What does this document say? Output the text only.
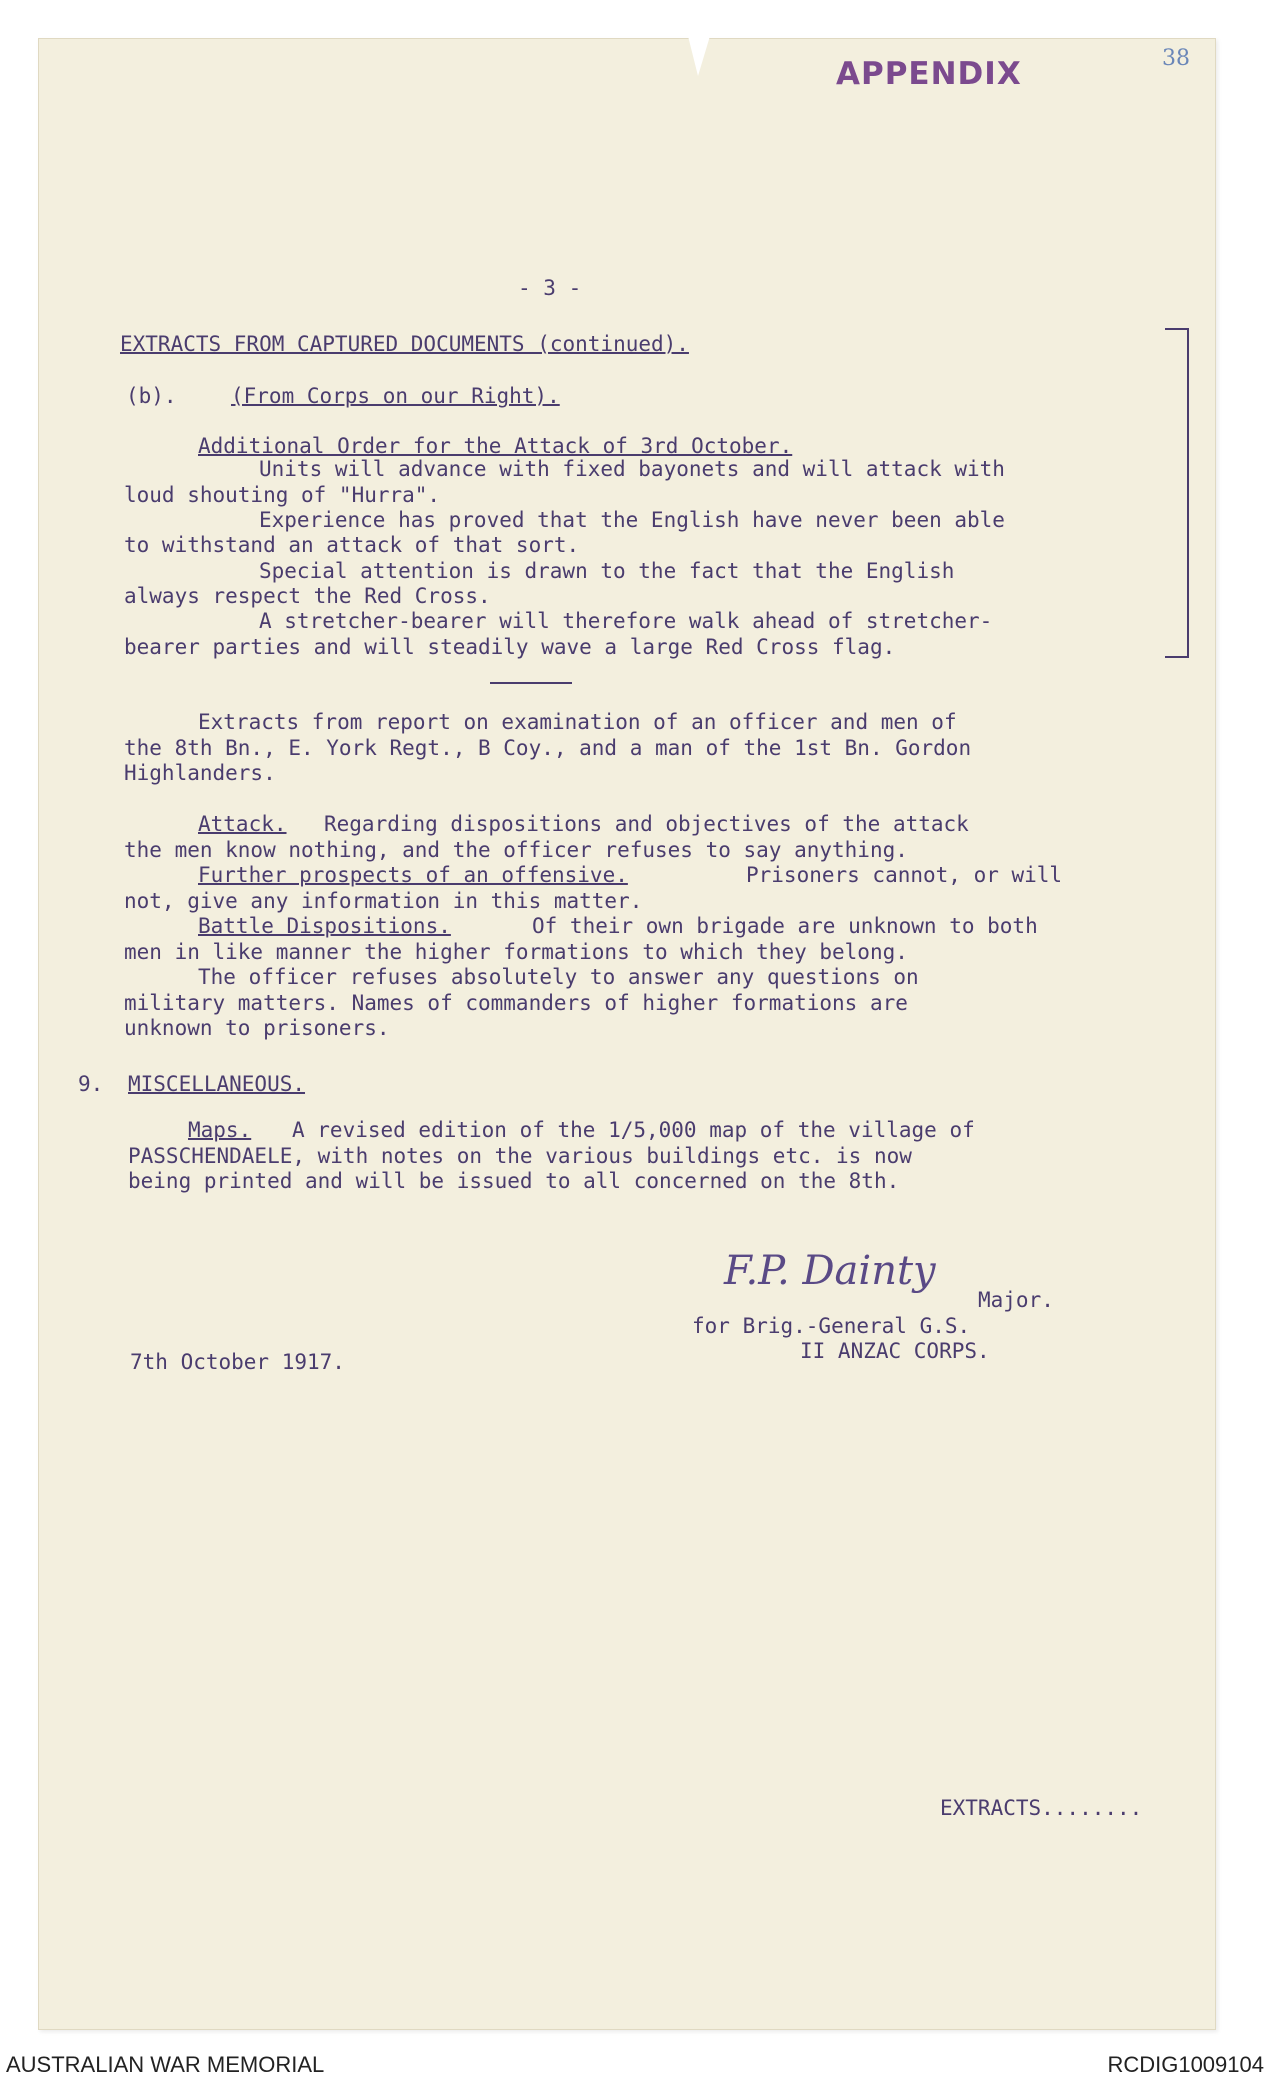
APPENDIX	38
- 3 -
EXTRACTS FROM CAPTURED DOCUMENTS (continued).
(b).	(From Corps on our Right).
Additional Order for the Attack of 3rd October.
Units will advance with fixed bayonets and will attack with
loud shouting of "Hurra".
Experience has proved that the English have never been able
to withstand an attack of that sort.
Special attention is drawn to the fact that the English
always respect the Red Cross.
A stretcher-bearer will therefore walk ahead of stretcher-
bearer parties and will steadily wave a large Red Cross flag.
Extracts from report on examination of an officer and men of
the 8th Bn., E. York Regt., B Coy., and a man of the 1st Bn. Gordon
Highlanders.
Attack. Regarding dispositions and objectives of the attack
the men know nothing, and the officer refuses to say anything.
Further prospects of an offensive.	Prisoners cannot, or will
not, give any information in this matter.
Battle Dispositions.	Of their own brigade are unknown to both
men in like manner the higher formations to which they belong.
The officer refuses absolutely to answer any questions on
military matters. Names of commanders of higher formations are
unknown to prisoners.
9. MISCELLANEOUS.
Maps. A revised edition of the 1/5,000 map of the village of
PASSCHENDAELE, with notes on the various buildings etc. is now
being printed and will be issued to all concerned on the 8th.
F.P. Dainty
Major.
for Brig.-General G.S.
II ANZAC CORPS.
7th October 1917.
EXTRACTS........
AUSTRALIAN WAR MEMORIAL	RCDIG1009104
